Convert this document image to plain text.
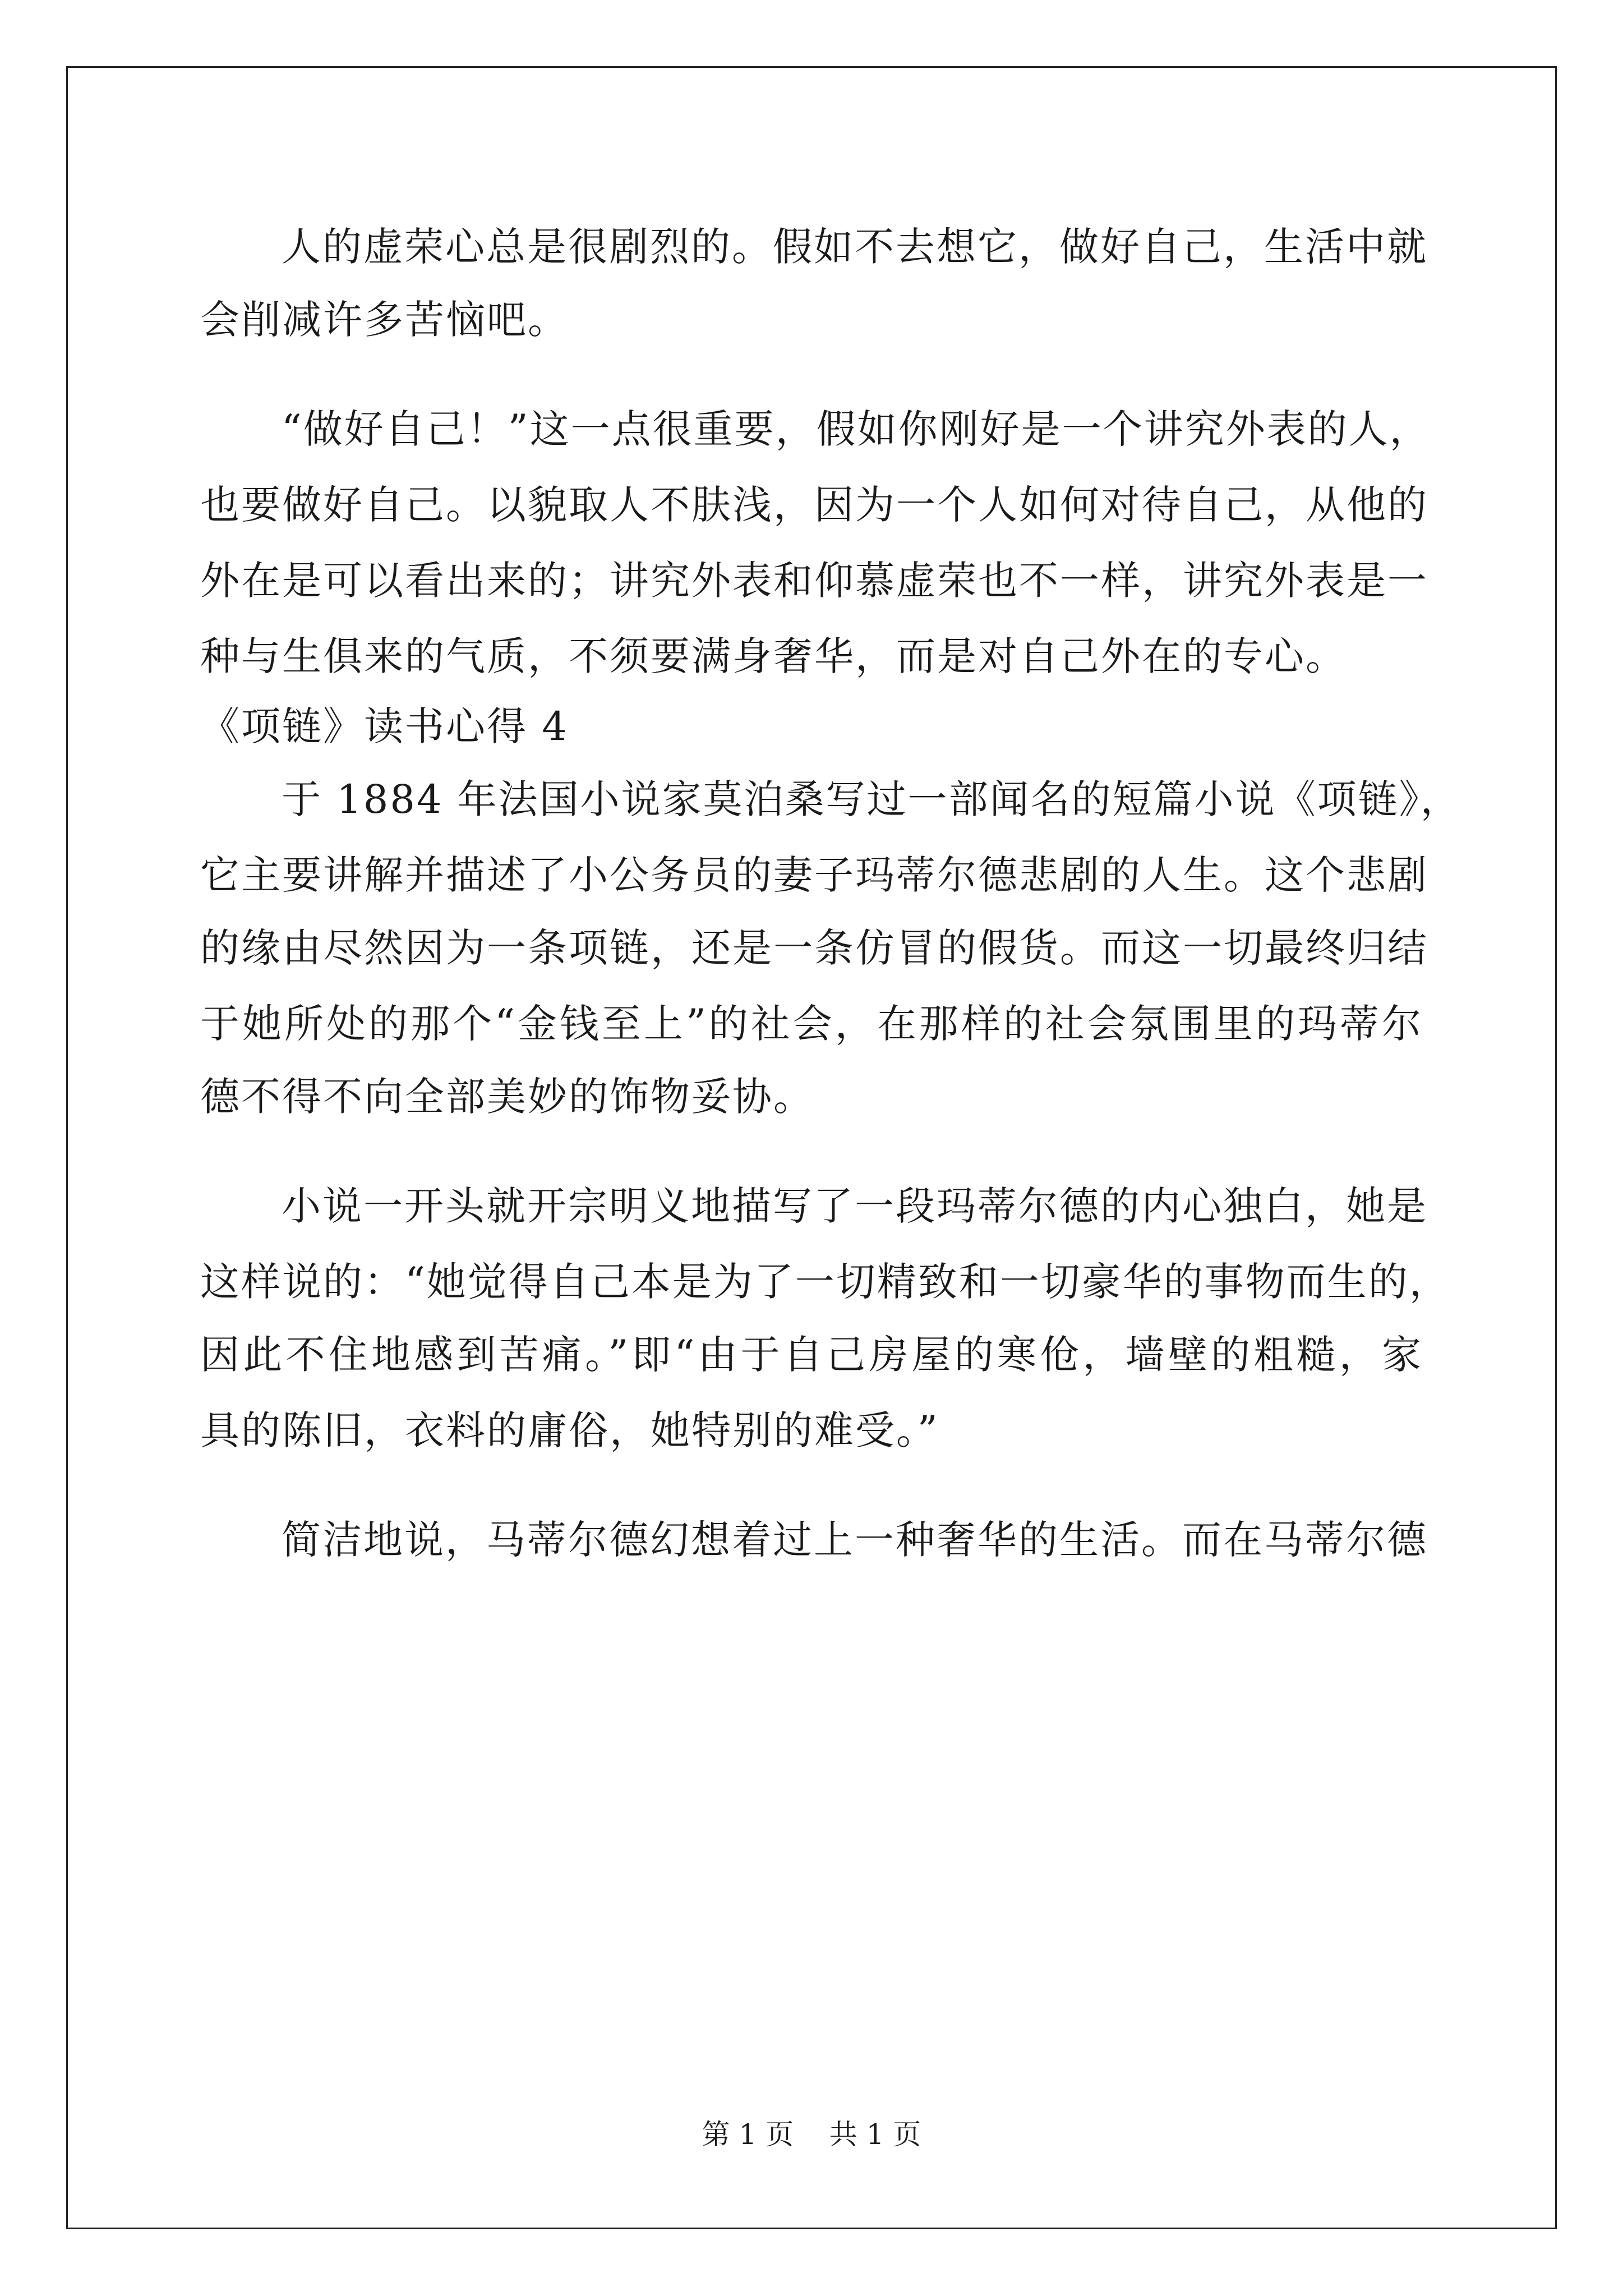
人的虚荣心总是很剧烈的。假如不去想它，做好自己，生活中就
会削减许多苦恼吧。
“做好自己！”这一点很重要，假如你刚好是一个讲究外表的人，
也要做好自己。以貌取人不肤浅，因为一个人如何对待自己，从他的
外在是可以看出来的；讲究外表和仰慕虚荣也不一样，讲究外表是一
种与生俱来的气质，不须要满身奢华，而是对自己外在的专心。
《项链》读书心得 4
于 1884 年法国小说家莫泊桑写过一部闻名的短篇小说《项链》，
它主要讲解并描述了小公务员的妻子玛蒂尔德悲剧的人生。这个悲剧
的缘由尽然因为一条项链，还是一条仿冒的假货。而这一切最终归结
于她所处的那个“金钱至上”的社会，在那样的社会氛围里的玛蒂尔
德不得不向全部美妙的饰物妥协。
小说一开头就开宗明义地描写了一段玛蒂尔德的内心独白，她是
这样说的：“她觉得自己本是为了一切精致和一切豪华的事物而生的，
因此不住地感到苦痛。”即“由于自己房屋的寒伧，墙壁的粗糙，家
具的陈旧，衣料的庸俗，她特别的难受。”
简洁地说，马蒂尔德幻想着过上一种奢华的生活。而在马蒂尔德
第 1 页    共 1 页
